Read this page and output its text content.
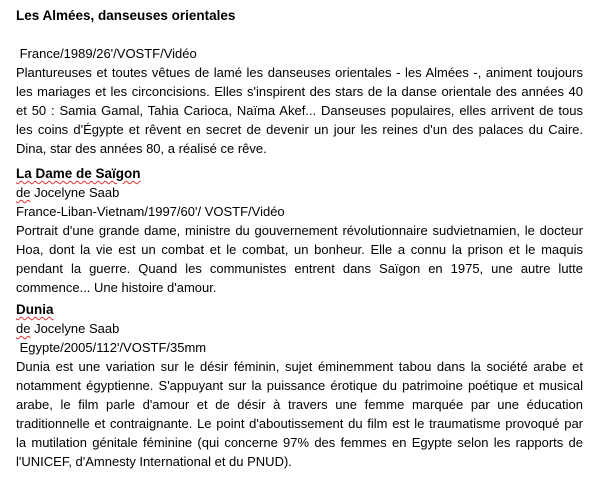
Les Almées, danseuses orientales
France/1989/26'/VOSTF/Vidéo

Plantureuses et toutes vêtues de lamé les danseuses orientales - les Almées -, animent toujours les mariages et les circoncisions. Elles s'inspirent des stars de la danse orientale des années 40 et 50 : Samia Gamal, Tahia Carioca, Naïma Akef... Danseuses populaires, elles arrivent de tous les coins d'Égypte et rêvent en secret de devenir un jour les reines d'un des palaces du Caire. Dina, star des années 80, a réalisé ce rêve.

La Dame de Saïgon
de Jocelyne Saab
France-Liban-Vietnam/1997/60'/ VOSTF/Vidéo

Portrait d'une grande dame, ministre du gouvernement révolutionnaire sudvietnamien, le docteur Hoa, dont la vie est un combat et le combat, un bonheur. Elle a connu la prison et le maquis pendant la guerre. Quand les communistes entrent dans Saïgon en 1975, une autre lutte commence... Une histoire d'amour.

Dunia
de Jocelyne Saab
Egypte/2005/112'/VOSTF/35mm

Dunia est une variation sur le désir féminin, sujet éminemment tabou dans la société arabe et notamment égyptienne. S'appuyant sur la puissance érotique du patrimoine poétique et musical arabe, le film parle d'amour et de désir à travers une femme marquée par une éducation traditionnelle et contraignante. Le point d'aboutissement du film est le traumatisme provoqué par la mutilation génitale féminine (qui concerne 97% des femmes en Egypte selon les rapports de l'UNICEF, d'Amnesty International et du PNUD).
